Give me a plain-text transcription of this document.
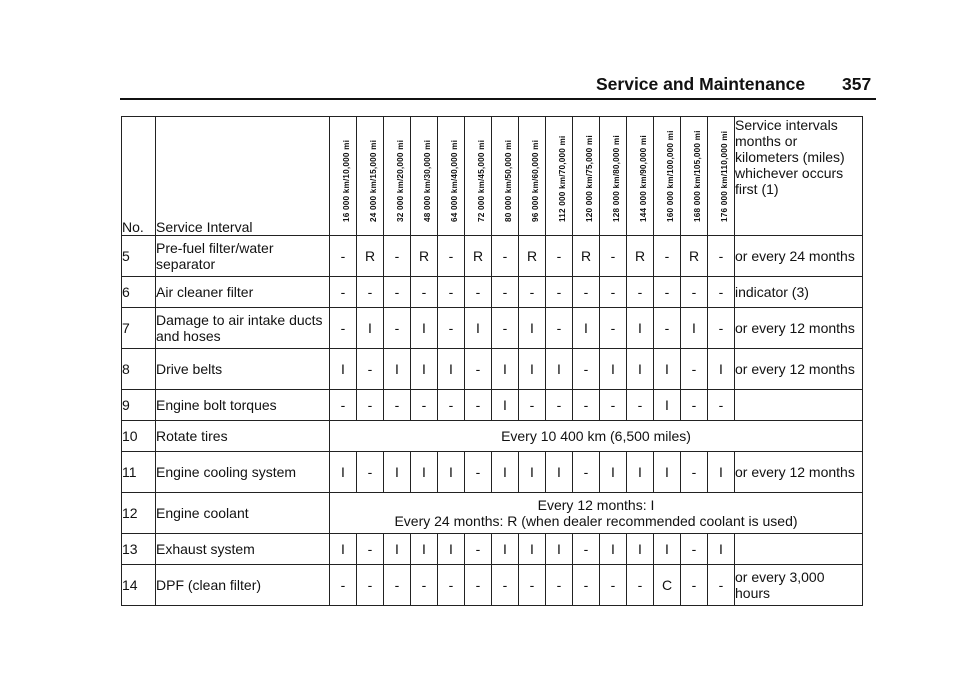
Service and Maintenance 357
No.	Service Interval	16 000 km/10,000 mi	24 000 km/15,000 mi	32 000 km/20,000 mi	48 000 km/30,000 mi	64 000 km/40,000 mi	72 000 km/45,000 mi	80 000 km/50,000 mi	96 000 km/60,000 mi	112 000 km/70,000 mi	120 000 km/75,000 mi	128 000 km/80,000 mi	144 000 km/90,000 mi	160 000 km/100,000 mi	168 000 km/105,000 mi	176 000 km/110,000 mi	Service intervals months or kilometers (miles) whichever occurs first (1)
5	Pre-fuel filter/water separator	-	R	-	R	-	R	-	R	-	R	-	R	-	R	-	or every 24 months
6	Air cleaner filter	-	-	-	-	-	-	-	-	-	-	-	-	-	-	-	indicator (3)
7	Damage to air intake ducts and hoses	-	I	-	I	-	I	-	I	-	I	-	I	-	I	-	or every 12 months
8	Drive belts	I	-	I	I	I	-	I	I	I	-	I	I	I	-	I	or every 12 months
9	Engine bolt torques	-	-	-	-	-	-	I	-	-	-	-	-	I	-	-	
10	Rotate tires	Every 10 400 km (6,500 miles)															
11	Engine cooling system	I	-	I	I	I	-	I	I	I	-	I	I	I	-	I	or every 12 months
12	Engine coolant	Every 12 months: I
Every 24 months: R (when dealer recommended coolant is used)															

13	Exhaust system	I	-	I	I	I	-	I	I	I	-	I	I	I	-	I	
14	DPF (clean filter)	-	-	-	-	-	-	-	-	-	-	-	-	C	-	-	or every 3,000 hours
